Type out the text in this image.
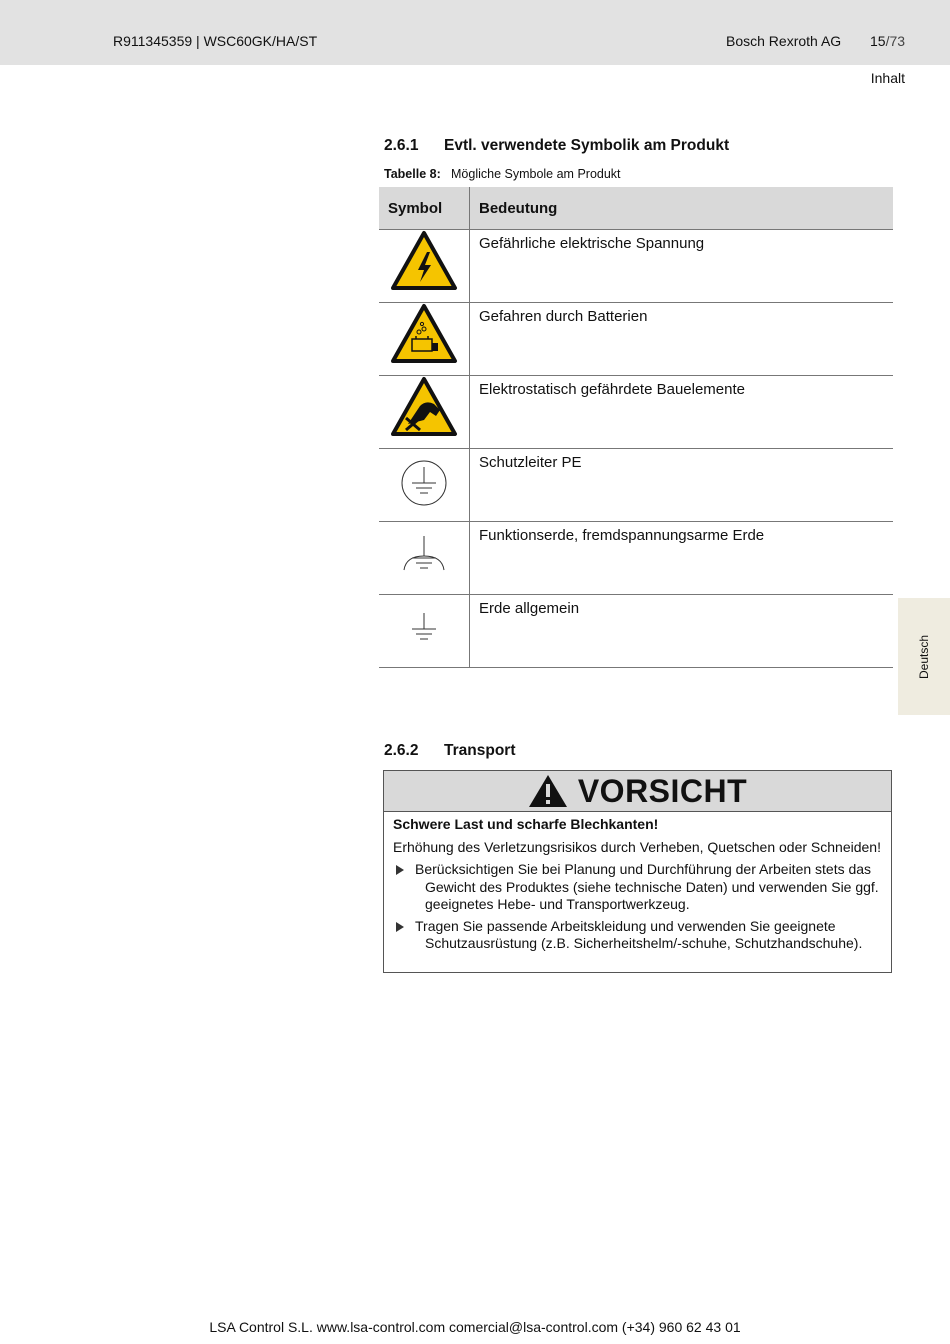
R911345359 | WSC60GK/HA/ST	Bosch Rexroth AG 15/73
Inhalt
Deutsch
2.6.1 Evtl. verwendete Symbolik am Produkt
Tabelle 8: Mögliche Symbole am Produkt
Symbol	Bedeutung

	Gefährliche elektrische Spannung

	Gefahren durch Batterien

	Elektrostatisch gefährdete Bauelemente

	Schutzleiter PE

	Funktionserde, fremdspannungsarme Erde

	Erde allgemein
2.6.2 Transport
VORSICHT

Schwere Last und scharfe Blechkanten!

Erhöhung des Verletzungsrisikos durch Verheben, Quetschen oder Schneiden!

Berücksichtigen Sie bei Planung und Durchführung der Arbeiten stets das
Gewicht des Produktes (siehe technische Daten) und verwenden Sie ggf. geeignetes Hebe- und Transportwerkzeug.
Tragen Sie passende Arbeitskleidung und verwenden Sie geeignete
Schutzausrüstung (z.B. Sicherheitshelm/-schuhe, Schutzhandschuhe).
LSA Control S.L. www.lsa-control.com comercial@lsa-control.com (+34) 960 62 43 01
